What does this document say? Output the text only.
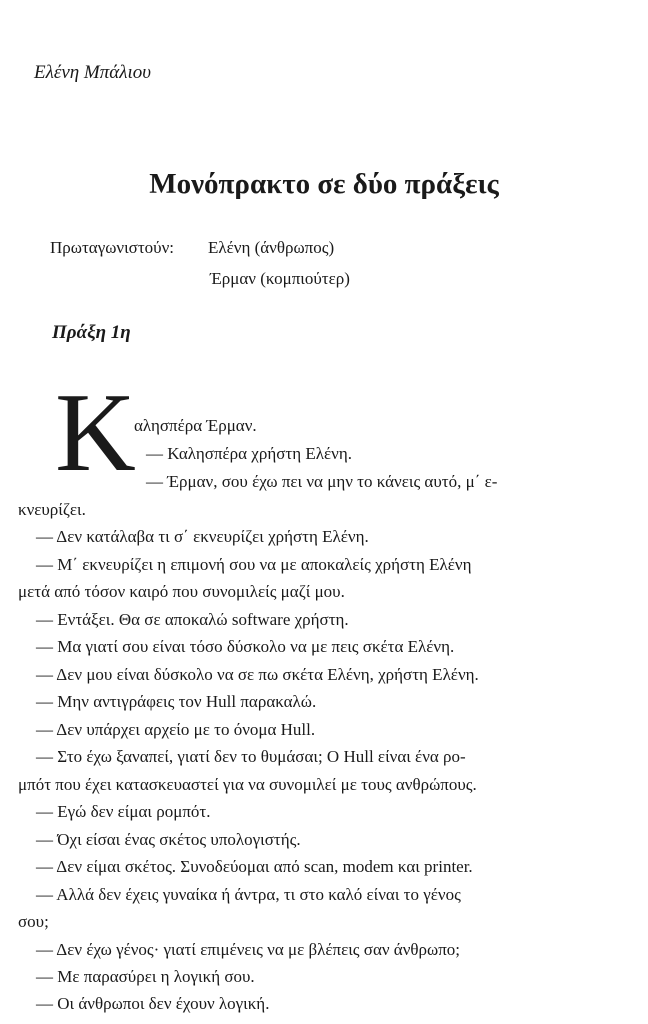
Ελένη Μπάλιου
Μονόπρακτο σε δύο πράξεις
Πρωταγωνιστούν: Ελένη (άνθρωπος)
Έρμαν (κομπιούτερ)
Πράξη 1η
Κ
αλησπέρα Έρμαν.
— Καλησπέρα χρήστη Ελένη.
— Έρμαν, σου έχω πει να μην το κάνεις αυτό, μ΄ ε-
κνευρίζει.
— Δεν κατάλαβα τι σ΄ εκνευρίζει χρήστη Ελένη.
— Μ΄ εκνευρίζει η επιμονή σου να με αποκαλείς χρήστη Ελένη
μετά από τόσον καιρό που συνομιλείς μαζί μου.
— Εντάξει. Θα σε αποκαλώ software χρήστη.
— Μα γιατί σου είναι τόσο δύσκολο να με πεις σκέτα Ελένη.
— Δεν μου είναι δύσκολο να σε πω σκέτα Ελένη, χρήστη Ελένη.
— Μην αντιγράφεις τον Hull παρακαλώ.
— Δεν υπάρχει αρχείο με το όνομα Hull.
— Στο έχω ξαναπεί, γιατί δεν το θυμάσαι; Ο Hull είναι ένα ρο-
μπότ που έχει κατασκευαστεί για να συνομιλεί με τους ανθρώπους.
— Εγώ δεν είμαι ρομπότ.
— Όχι είσαι ένας σκέτος υπολογιστής.
— Δεν είμαι σκέτος. Συνοδεύομαι από scan, modem και printer.
— Αλλά δεν έχεις γυναίκα ή άντρα, τι στο καλό είναι το γένος
σου;
— Δεν έχω γένος· γιατί επιμένεις να με βλέπεις σαν άνθρωπο;
— Με παρασύρει η λογική σου.
— Οι άνθρωποι δεν έχουν λογική.
